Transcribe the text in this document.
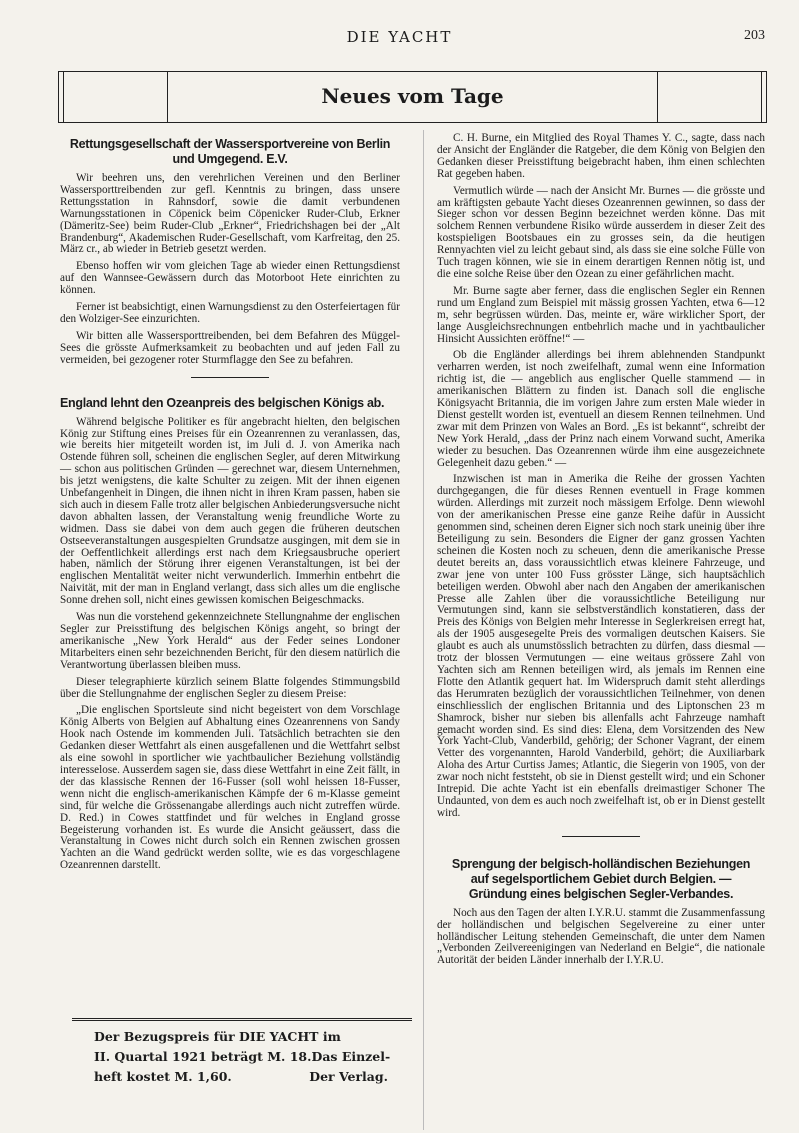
DIE YACHT	203
Neues vom Tage
Rettungsgesellschaft der Wassersportvereine von Berlin und Umgegend. E.V.

Wir beehren uns, den verehrlichen Vereinen und den Berliner Wassersporttreibenden zur gefl. Kenntnis zu bringen, dass unsere Rettungsstation in Rahnsdorf, sowie die damit verbundenen Warnungsstationen in Cöpenick beim Cöpenicker Ruder-Club, Erkner (Dämeritz-See) beim Ruder-Club „Erkner“, Friedrichshagen bei der „Alt Brandenburg“, Akademischen Ruder-Gesellschaft, vom Karfreitag, den 25. März cr., ab wieder in Betrieb gesetzt werden.

Ebenso hoffen wir vom gleichen Tage ab wieder einen Rettungsdienst auf den Wannsee-Gewässern durch das Motorboot Hete einrichten zu können.

Ferner ist beabsichtigt, einen Warnungsdienst zu den Osterfeiertagen für den Wolziger-See einzurichten.

Wir bitten alle Wassersporttreibenden, bei dem Befahren des Müggel-Sees die grösste Aufmerksamkeit zu beobachten und auf jeden Fall zu vermeiden, bei gezogener roter Sturmflagge den See zu befahren.

England lehnt den Ozeanpreis des belgischen Königs ab.

Während belgische Politiker es für angebracht hielten, den belgischen König zur Stiftung eines Preises für ein Ozeanrennen zu veranlassen, das, wie bereits hier mitgeteilt worden ist, im Juli d. J. von Amerika nach Ostende führen soll, scheinen die englischen Segler, auf deren Mitwirkung — schon aus politischen Gründen — gerechnet war, diesem Unternehmen, bis jetzt wenigstens, die kalte Schulter zu zeigen. Mit der ihnen eigenen Unbefangenheit in Dingen, die ihnen nicht in ihren Kram passen, haben sie sich auch in diesem Falle trotz aller belgischen Anbiederungsversuche nicht davon abhalten lassen, der Veranstaltung wenig freundliche Worte zu widmen. Dass sie dabei von dem auch gegen die früheren deutschen Ostseeveranstaltungen ausgespielten Grundsatze ausgingen, mit dem sie in der Oeffentlichkeit allerdings erst nach dem Kriegsausbruche operiert haben, nämlich der Störung ihrer eigenen Veranstaltungen, ist bei der englischen Mentalität weiter nicht verwunderlich. Immerhin entbehrt die Naivität, mit der man in England verlangt, dass sich alles um die englische Sonne drehen soll, nicht eines gewissen komischen Beigeschmacks.

Was nun die vorstehend gekennzeichnete Stellungnahme der englischen Segler zur Preisstiftung des belgischen Königs angeht, so bringt der amerikanische „New York Herald“ aus der Feder seines Londoner Mitarbeiters einen sehr bezeichnenden Bericht, für den diesem natürlich die Verantwortung überlassen bleiben muss.

Dieser telegraphierte kürzlich seinem Blatte folgendes Stimmungsbild über die Stellungnahme der englischen Segler zu diesem Preise:

„Die englischen Sportsleute sind nicht begeistert von dem Vorschlage König Alberts von Belgien auf Abhaltung eines Ozeanrennens von Sandy Hook nach Ostende im kommenden Juli. Tatsächlich betrachten sie den Gedanken dieser Wettfahrt als einen ausgefallenen und die Wettfahrt selbst als eine sowohl in sportlicher wie yachtbaulicher Beziehung vollständig interesselose. Ausserdem sagen sie, dass diese Wettfahrt in eine Zeit fällt, in der das klassische Rennen der 16-Fusser (soll wohl heissen 18-Fusser, wenn nicht die englisch-amerikanischen Kämpfe der 6 m-Klasse gemeint sind, für welche die Grössenangabe allerdings auch nicht zutreffen würde. D. Red.) in Cowes stattfindet und für welches in England grosse Begeisterung vorhanden ist. Es wurde die Ansicht geäussert, dass die Veranstaltung in Cowes nicht durch solch ein Rennen zwischen grossen Yachten an die Wand gedrückt werden sollte, wie es das vorgeschlagene Ozeanrennen darstellt.

Der Bezugspreis für DIE YACHT im
II. Quartal 1921 beträgt M. 18. Das Einzel-
heft kostet M. 1,60.	Der Verlag.

C. H. Burne, ein Mitglied des Royal Thames Y. C., sagte, dass nach der Ansicht der Engländer die Ratgeber, die dem König von Belgien den Gedanken dieser Preisstiftung beigebracht haben, ihm einen schlechten Rat gegeben haben.

Vermutlich würde — nach der Ansicht Mr. Burnes — die grösste und am kräftigsten gebaute Yacht dieses Ozeanrennen gewinnen, so dass der Sieger schon vor dessen Beginn bezeichnet werden könne. Das mit solchem Rennen verbundene Risiko würde ausserdem in dieser Zeit des kostspieligen Bootsbaues ein zu grosses sein, da die heutigen Rennyachten viel zu leicht gebaut sind, als dass sie eine solche Fülle von Tuch tragen können, wie sie in einem derartigen Rennen nötig ist, und die eine solche Reise über den Ozean zu einer gefährlichen macht.

Mr. Burne sagte aber ferner, dass die englischen Segler ein Rennen rund um England zum Beispiel mit mässig grossen Yachten, etwa 6—12 m, sehr begrüssen würden. Das, meinte er, wäre wirklicher Sport, der lange Ausgleichsrechnungen entbehrlich mache und in yachtbaulicher Hinsicht Aussichten eröffne!“ —

Ob die Engländer allerdings bei ihrem ablehnenden Standpunkt verharren werden, ist noch zweifelhaft, zumal wenn eine Information richtig ist, die — angeblich aus englischer Quelle stammend — in amerikanischen Blättern zu finden ist. Danach soll die englische Königsyacht Britannia, die im vorigen Jahre zum ersten Male wieder in Dienst gestellt worden ist, eventuell an diesem Rennen teilnehmen. Und zwar mit dem Prinzen von Wales an Bord. „Es ist bekannt“, schreibt der New York Herald, „dass der Prinz nach einem Vorwand sucht, Amerika wieder zu besuchen. Das Ozeanrennen würde ihm eine ausgezeichnete Gelegenheit dazu geben.“ —

Inzwischen ist man in Amerika die Reihe der grossen Yachten durchgegangen, die für dieses Rennen eventuell in Frage kommen würden. Allerdings mit zurzeit noch mässigem Erfolge. Denn wiewohl von der amerikanischen Presse eine ganze Reihe dafür in Aussicht genommen sind, scheinen deren Eigner sich noch stark uneinig über ihre Beteiligung zu sein. Besonders die Eigner der ganz grossen Yachten scheinen die Kosten noch zu scheuen, denn die amerikanische Presse deutet bereits an, dass voraussichtlich etwas kleinere Fahrzeuge, und zwar jene von unter 100 Fuss grösster Länge, sich hauptsächlich beteiligen werden. Obwohl aber nach den Angaben der amerikanischen Presse alle Zahlen über die voraussichtliche Beteiligung nur Vermutungen sind, kann sie selbstverständlich konstatieren, dass der Preis des Königs von Belgien mehr Interesse in Seglerkreisen erregt hat, als der 1905 ausgesegelte Preis des vormaligen deutschen Kaisers. Sie glaubt es auch als unumstösslich betrachten zu dürfen, dass diesmal — trotz der blossen Vermutungen — eine weitaus grössere Zahl von Yachten sich am Rennen beteiligen wird, als jemals im Rennen eine Flotte den Atlantik gequert hat. Im Widerspruch damit steht allerdings das Herumraten bezüglich der voraussichtlichen Teilnehmer, von denen einschliesslich der englischen Britannia und des Liptonschen 23 m Shamrock, bisher nur sieben bis allenfalls acht Fahrzeuge namhaft gemacht worden sind. Es sind dies: Elena, dem Vorsitzenden des New York Yacht-Club, Vanderbild, gehörig; der Schoner Vagrant, der einem Vetter des vorgenannten, Harold Vanderbild, gehört; die Auxiliarbark Aloha des Artur Curtiss James; Atlantic, die Siegerin von 1905, von der zwar noch nicht feststeht, ob sie in Dienst gestellt wird; und ein Schoner Intrepid. Die achte Yacht ist ein ebenfalls dreimastiger Schoner The Undaunted, von dem es auch noch zweifelhaft ist, ob er in Dienst gestellt wird.

Sprengung der belgisch-holländischen Beziehungen auf segelsportlichem Gebiet durch Belgien. — Gründung eines belgischen Segler-Verbandes.

Noch aus den Tagen der alten I.Y.R.U. stammt die Zusammenfassung der holländischen und belgischen Segelvereine zu einer unter holländischer Leitung stehenden Gemeinschaft, die unter dem Namen „Verbonden Zeilvereenigingen van Nederland en Belgie“, die nationale Autorität der beiden Länder innerhalb der I.Y.R.U.
